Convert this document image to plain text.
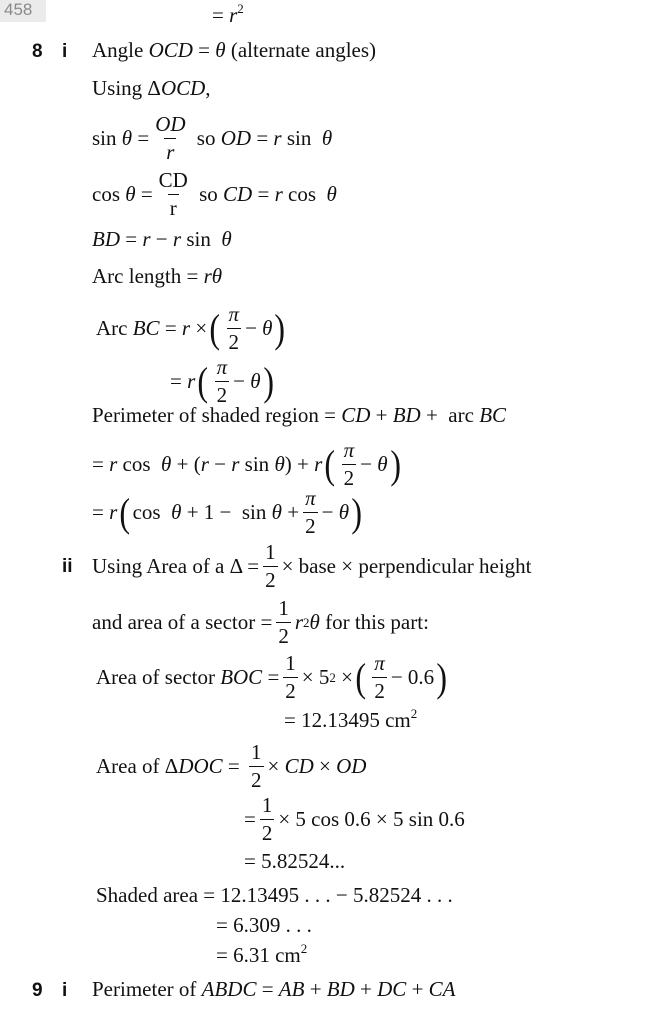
458	= $r^2$
8 i Angle OCD = θ (alternate angles)
Using ΔOCD,
$\sin \theta = \frac{OD}{r}$ so OD = r sin θ
$\cos \theta = \frac{CD}{r}$ so CD = r cos θ
BD = r − r sin  θ
Arc length = rθ
Arc BC = r × ( $\frac{\pi}{2} - \theta$ )
= r ( $\frac{\pi}{2} - \theta$ )
Perimeter of shaded region = CD + BD +  arc BC
= r cos θ + ( r − r sin θ ) + r ( $\frac{\pi}{2} - \theta$ )
= r ( $\cos \theta + 1 - \sin \theta + \frac{\pi}{2} - \theta$ )
ii Using Area of a $\Delta = \frac{1}{2}$ × base × perpendicular height
and area of a sector = $\frac{1}{2}$ r 2 θ for this part:
Area of sector BOC = $\frac{1}{2} \times 5$ 2 × ( $\frac{\pi}{2} - 0.6$ )
= 12.13495 $cm^2$
Area of Δ DOC = $\frac{1}{2}$ × CD × OD
= $\frac{1}{2} \times 5$ cos 0.6 × 5 sin 0.6
= 5.82524...
Shaded area = 12.13495 . . . − 5.82524 . . .
= 6.309 . . .
= 6.31 $cm^2$
9 i Perimeter of ABDC = AB + BD + DC + CA
